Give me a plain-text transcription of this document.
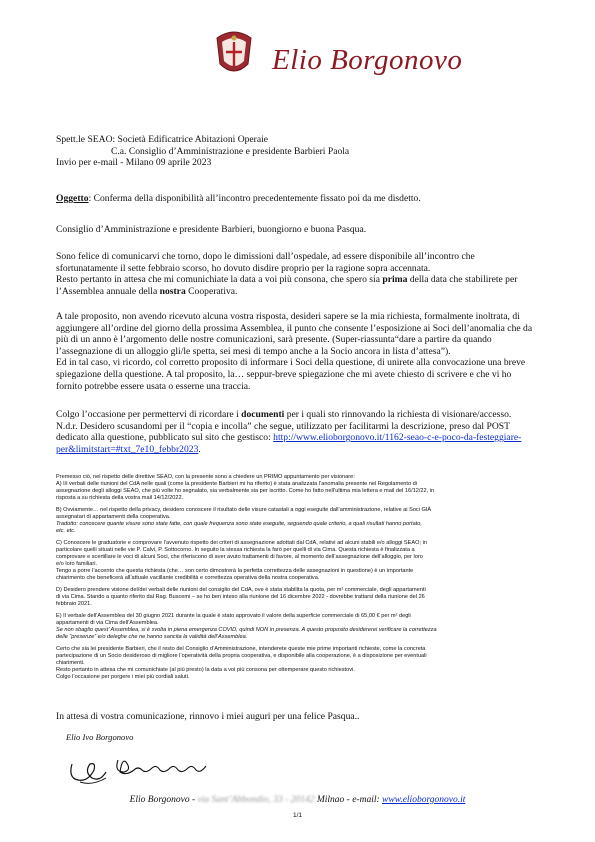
Elio Borgonovo

Spett.le SEAO: Società Edificatrice Abitazioni Operaie

C.a. Consiglio d’Amministrazione e presidente Barbieri Paola

Invio per e-mail - Milano 09 aprile 2023

Oggetto: Conferma della disponibilità all’incontro precedentemente fissato poi da me disdetto.

Consiglio d’Amministrazione e presidente Barbieri, buongiorno e buona Pasqua.

Sono felice di comunicarvi che torno, dopo le dimissioni dall’ospedale, ad essere disponibile all’incontro che

sfortunatamente il sette febbraio scorso, ho dovuto disdire proprio per la ragione sopra accennata.

Resto pertanto in attesa che mi comunichiate la data a voi più consona, che spero sia prima della data che stabilirete per

l’Assemblea annuale della nostra Cooperativa.

A tale proposito, non avendo ricevuto alcuna vostra risposta, desideri sapere se la mia richiesta, formalmente inoltrata, di

aggiungere all’ordine del giorno della prossima Assemblea, il punto che consente l’esposizione ai Soci dell’anomalia che da

più di un anno è l’argomento delle nostre comunicazioni, sarà presente. (Super-riassunta“dare a partire da quando

l’assegnazione di un alloggio gli/le spetta, sei mesi di tempo anche a la Socio ancora in lista d’attesa”).

Ed in tal caso, vi ricordo, col corretto proposito di informare i Soci della questione, di unirete alla convocazione una breve

spiegazione della questione. A tal proposito, la… seppur-breve spiegazione che mi avete chiesto di scrivere e che vi ho

fornito potrebbe essere usata o esserne una traccia.

Colgo l’occasione per permettervi di ricordare i documenti per i quali sto rinnovando la richiesta di visionare/accesso.

N.d.r. Desidero scusandomi per il “copia e incolla” che segue, utilizzato per facilitarmi la descrizione, preso dal POST

dedicato alla questione, pubblicato sul sito che gestisco: http://www.elioborgonovo.it/1162-seao-c-e-poco-da-festeggiare-

per&limitstart=#txt_7e10_febbr2023.

Premesso ciò, nel rispetto delle direttive SEAO, con la presente sono a chiedere un PRIMO appuntamento per visionare:

A) I/i verbali delle riunioni del CdA nelle quali (come la presidente Barbieri mi ha riferito) è stata analizzata l’anomalia presente nel Regolamento di

assegnazione degli alloggi SEAO, che più volte ho segnalato, sia verbalmente sia per iscritto. Come ho fatto nell’ultima mia lettera e mail del 16/12/22, in

risposta a su richiesta della vostra mail 14/12/2022.

B) Ovviamente… nel rispetto della privacy, desidero conoscere il risultato delle visure catastali a oggi eseguite dall’amministrazione, relative ai Soci GIÀ

assegnatari di appartamenti della cooperativa.

Tradotto: conoscere quante visure sono state fatte, con quale frequenza sono state eseguite, seguendo quale criterio, a quali risultati hanno portato,

etc. etc.

C) Conoscere le graduatorie e comprovare l’avvenuto rispetto dei criteri di assegnazione adottati dal CdA, relativi ad alcuni stabili e/o alloggi SEAO; in

particolare quelli situati nelle vie P. Calvi, P. Sottocorno. In seguito la stessa richiesta la farò per quelli di via Cima. Questa richiesta è finalizzata a

comprovare e scertillare le voci di alcuni Soci, che riferiscono di aver avuto trattamenti di favore, al momento dell’assegnazione dell’alloggio, per loro

e/o loro familiari.

Tengo a porre l’accento che questa richiesta (che… son certo dimostrerà la perfetta correttezza delle assegnazioni in questione) è un importante

chiarimento che beneficerà all’attuale vacillante credibilità e correttezza operativa della nostra cooperativa.

D) Desidero prendere visione del/dei verbali delle riunioni del consiglio del CdA, ove è stata stabilita la quota, per m² commerciale, degli appartamenti

di via Cima. Stando a quanto riferito dal Rag. Buscemi – se ho ben inteso alla riunione del 16 dicembre 2022 - dovrebbe trattarsi della riunione del 26

febbraio 2021.

E) Il verbale dell’Assemblea del 30 giugno 2021 durante la quale è stato approvato il valore della superficie commerciale di 65,00 € per m² degli

appartamenti di via Cima dell’Assemblea.

Se non sbaglio quest’ Assemblea, si è svolta in piena emergenza COVID, quindi NON in presenza. A questo proposito desidererei verificare la correttezza

delle “presenze” e/o deleghe che ne hanno sancita la validità dell’Assemblea.

Certo che sia lei presidente Barbieri, che il resto del Consiglio d’Amministrazione, intenderete queste mie prime importanti richieste, come la concreta

partecipazione di un Socio desideroso di migliore l’operatività della propria cooperativa, e disponibile alla cooperazione, è a disposizione per eventuali

chiarimenti.

Resto pertanto in attesa che mi comunichiate (al più presto) la data a voi più consona per ottemperare questo richiestovi.

Colgo l’occasione per porgere i miei più cordiali saluti.

In attesa di vostra comunicazione, rinnovo i miei auguri per una felice Pasqua..

Elio Ivo Borgonovo
Elio Borgonovo - via Sant’Abbondio, 33 - 20142 Milnao - e-mail: www.elioborgonovo.it
1/1
